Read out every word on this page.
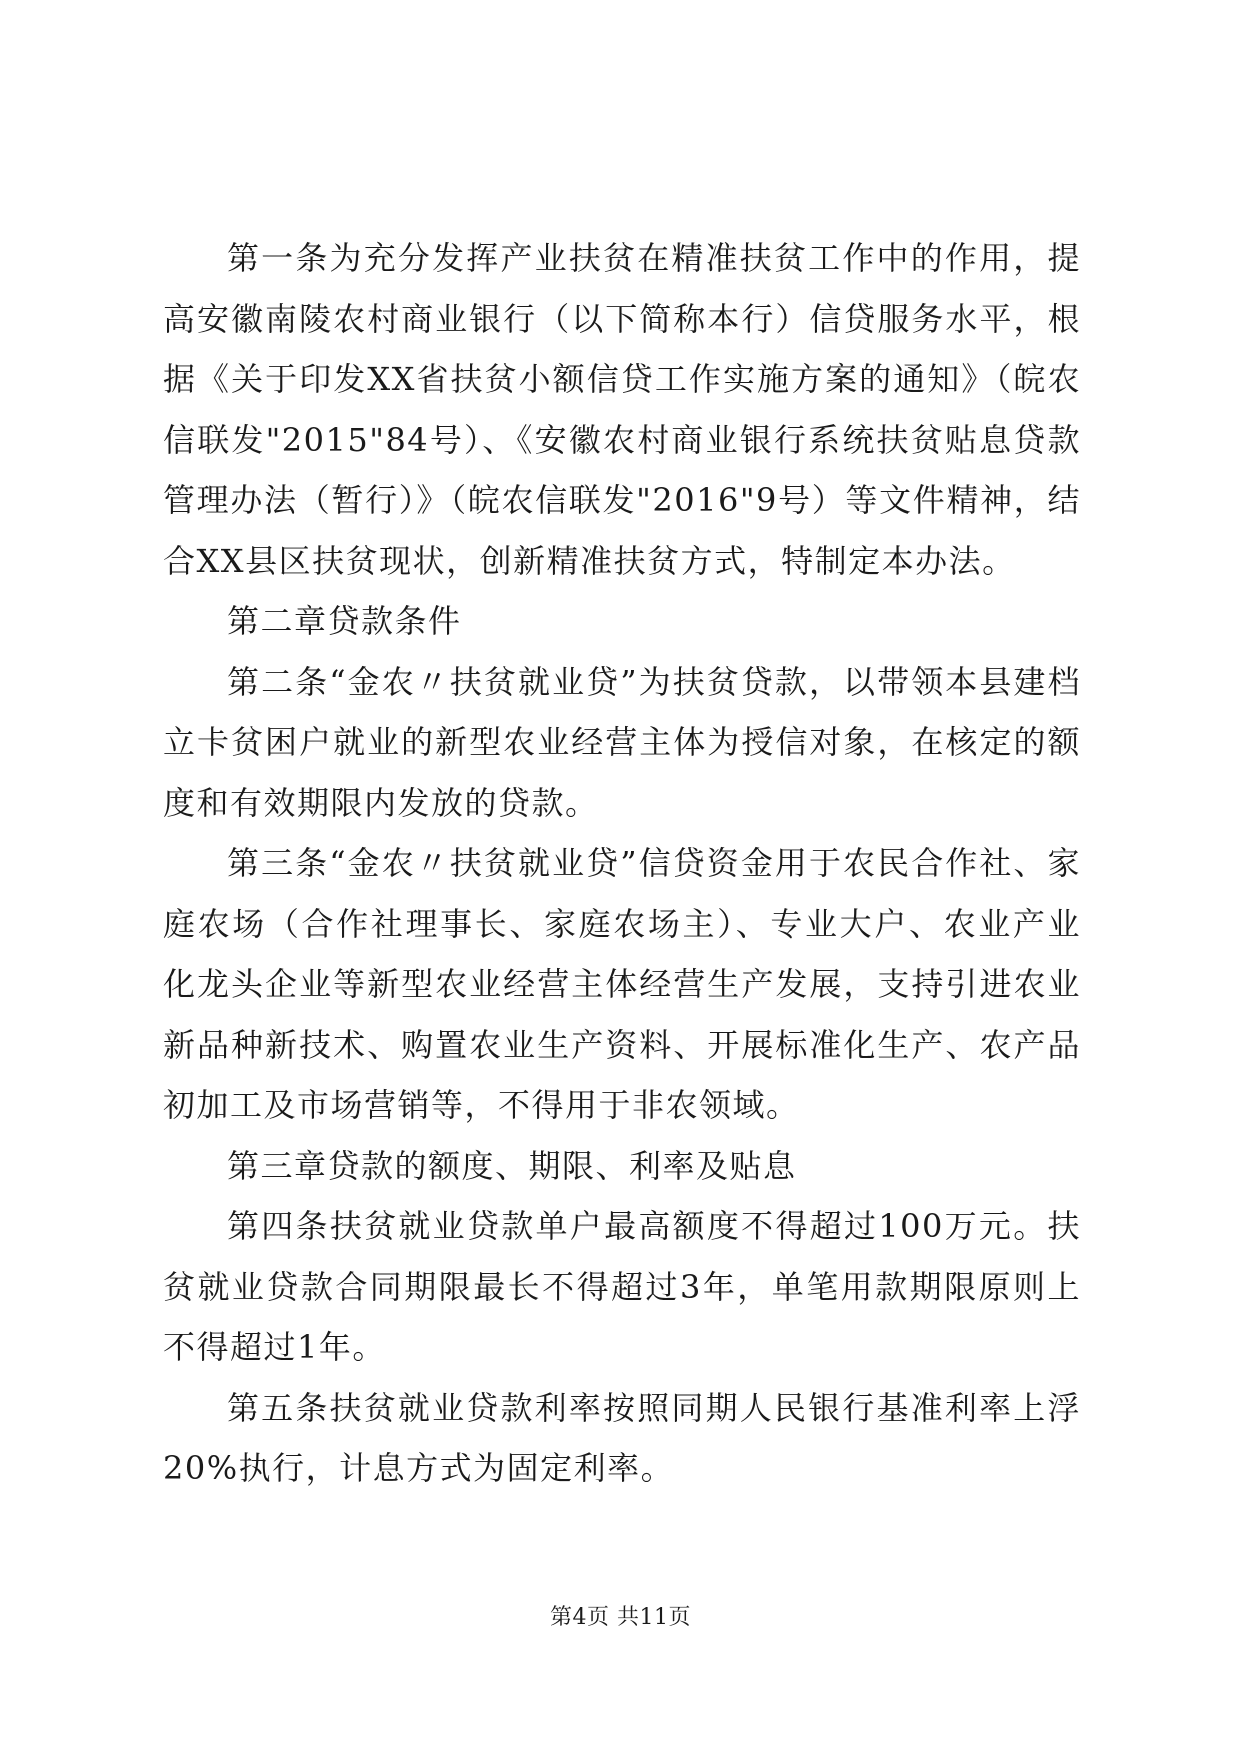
第一条为充分发挥产业扶贫在精准扶贫工作中的作用，提高安徽南陵农村商业银行（以下简称本行）信贷服务水平，根据《关于印发XX省扶贫小额信贷工作实施方案的通知》（皖农信联发"2015"84号）、《安徽农村商业银行系统扶贫贴息贷款管理办法（暂行）》（皖农信联发"2016"9号）等文件精神，结合XX县区扶贫现状，创新精准扶贫方式，特制定本办法。

第二章贷款条件

第二条“金农〃扶贫就业贷”为扶贫贷款，以带领本县建档立卡贫困户就业的新型农业经营主体为授信对象，在核定的额度和有效期限内发放的贷款。

第三条“金农〃扶贫就业贷”信贷资金用于农民合作社、家庭农场（合作社理事长、家庭农场主）、专业大户、农业产业化龙头企业等新型农业经营主体经营生产发展，支持引进农业新品种新技术、购置农业生产资料、开展标准化生产、农产品初加工及市场营销等，不得用于非农领域。

第三章贷款的额度、期限、利率及贴息

第四条扶贫就业贷款单户最高额度不得超过100万元。扶贫就业贷款合同期限最长不得超过3年，单笔用款期限原则上不得超过1年。

第五条扶贫就业贷款利率按照同期人民银行基准利率上浮20%执行，计息方式为固定利率。

第4页 共11页
